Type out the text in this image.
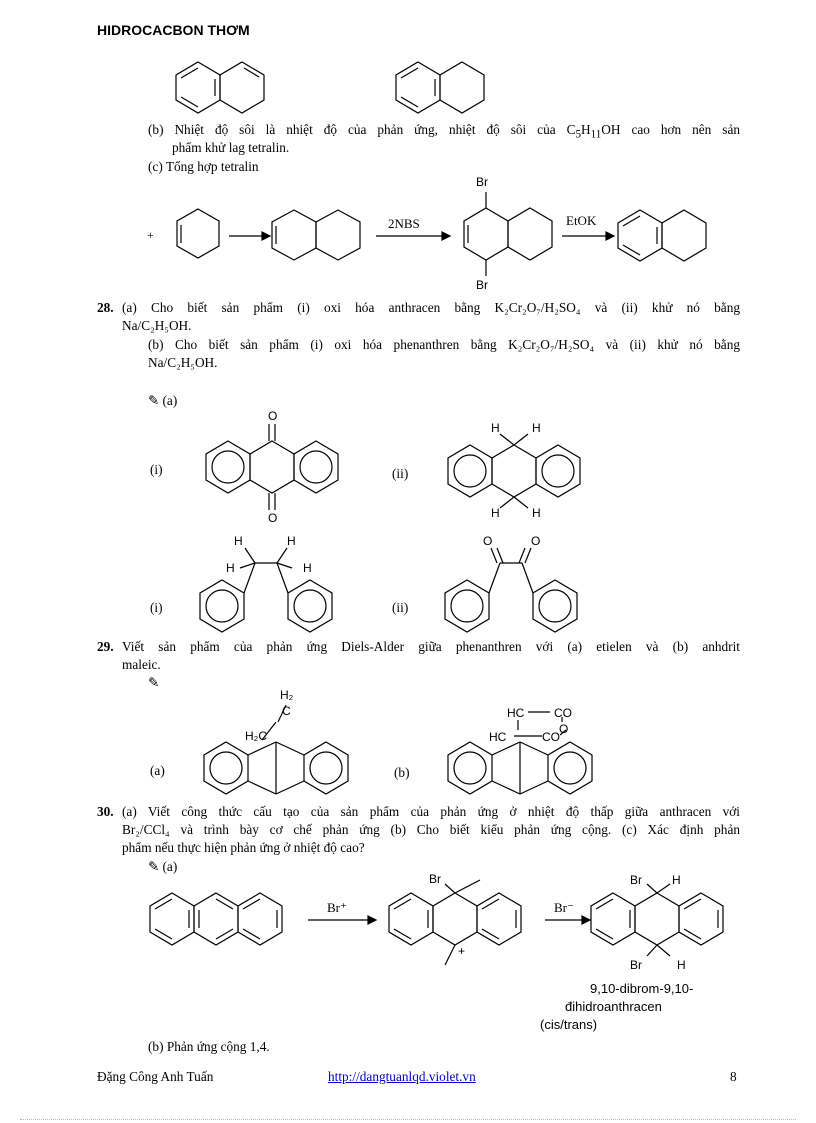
HIDROCACBON THƠM
(b) Nhiệt độ sôi là nhiệt độ của phản ứng, nhiệt độ sôi của $C_5H_{11}OH$ cao hơn nên sản
phẩm khử lag tetralin.
(c) Tổng hợp tetralin
+
2NBS	EtOK
Br
Br
28. (a) Cho biết sản phẩm (i) oxi hóa anthracen bằng K₂Cr₂O₇/H₂SO₄ và (ii) khử nó bằng
Na/C₂H₅OH.
(b) Cho biết sản phẩm (i) oxi hóa phenanthren bằng K₂Cr₂O₇/H₂SO₄ và (ii) khử nó bằng
Na/C₂H₅OH.
✎ (a)
(i)	(ii)
(i)	(ii)
O
O
H	H
H	H
H	H
H	H
O	O
29. Viết sản phẩm của phản ứng Diels-Alder giữa phenanthren với (a) etielen và (b) anhdrit
maleic.
✎
(a)	(b)
H₂
C
H₂C
HC CO
O
HC	CO
30. (a) Viết công thức cấu tạo của sản phẩm của phản ứng ở nhiệt độ thấp giữa anthracen với
Br₂/CCl₄ và trình bày cơ chế phản ứng (b) Cho biết kiểu phản ứng cộng. (c) Xác định phản
phẩm nếu thực hiện phản ứng ở nhiệt độ cao?
✎ (a)
Br⁺	Br⁻
Br
+
Br	H
Br	H
9,10-dibrom-9,10-
đihidroanthracen
(cis/trans)
(b) Phản ứng cộng 1,4.
Đặng Công Anh Tuấn	http://dangtuanlqd.violet.vn	8
